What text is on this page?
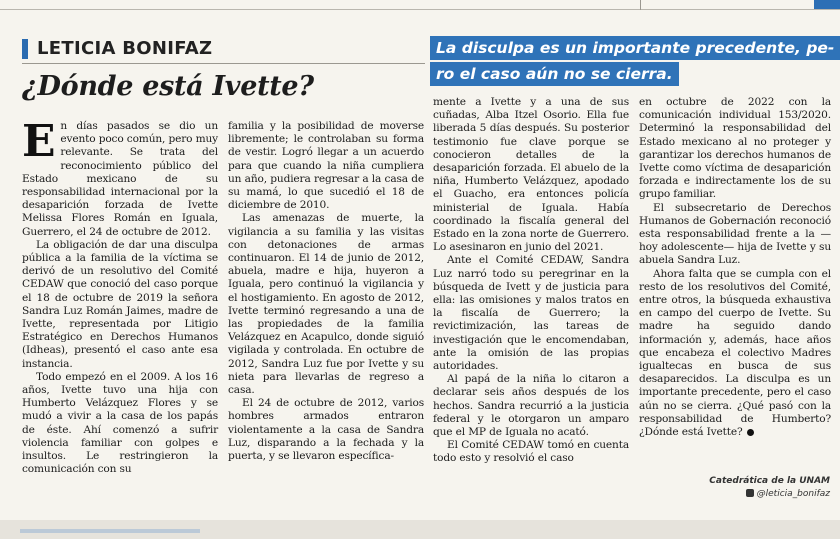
LETICIA BONIFAZ
¿Dónde está Ivette?
La disculpa es un importante precedente, pe-
ro el caso aún no se cierra.

En días pasados se dio un evento poco común, pero muy relevante. Se trata del reconocimiento público del Estado mexicano de su responsabilidad internacional por la desaparición forzada de Ivette Melissa Flores Román en Iguala, Guerrero, el 24 de octubre de 2012.

La obligación de dar una disculpa pública a la familia de la víctima se derivó de un resolutivo del Comité CEDAW que conoció del caso porque el 18 de octubre de 2019 la señora Sandra Luz Román Jaimes, madre de Ivette, representada por Litigio Estratégico en Derechos Humanos (Idheas), presentó el caso ante esa instancia.

Todo empezó en el 2009. A los 16 años, Ivette tuvo una hija con Humberto Velázquez Flores y se mudó a vivir a la casa de los papás de éste. Ahí comenzó a sufrir violencia familiar con golpes e insultos. Le restringieron la comunicación con su

familia y la posibilidad de moverse libremente; le controlaban su forma de vestir. Logró llegar a un acuerdo para que cuando la niña cumpliera un año, pudiera regresar a la casa de su mamá, lo que sucedió el 18 de diciembre de 2010.

Las amenazas de muerte, la vigilancia a su familia y las visitas con detonaciones de armas continuaron. El 14 de junio de 2012, abuela, madre e hija, huyeron a Iguala, pero continuó la vigilancia y el hostigamiento. En agosto de 2012, Ivette terminó regresando a una de las propiedades de la familia Velázquez en Acapulco, donde siguió vigilada y controlada. En octubre de 2012, Sandra Luz fue por Ivette y su nieta para llevarlas de regreso a casa.

El 24 de octubre de 2012, varios hombres armados entraron violentamente a la casa de Sandra Luz, disparando a la fechada y la puerta, y se llevaron específica-

mente a Ivette y a una de sus cuñadas, Alba Itzel Osorio. Ella fue liberada 5 días después. Su posterior testimonio fue clave porque se conocieron detalles de la desaparición forzada. El abuelo de la niña, Humberto Velázquez, apodado el Guacho, era entonces policía ministerial de Iguala. Había coordinado la fiscalía general del Estado en la zona norte de Guerrero. Lo asesinaron en junio del 2021.

Ante el Comité CEDAW, Sandra Luz narró todo su peregrinar en la búsqueda de Ivett y de justicia para ella: las omisiones y malos tratos en la fiscalía de Guerrero; la revictimización, las tareas de investigación que le encomendaban, ante la omisión de las propias autoridades.

Al papá de la niña lo citaron a declarar seis años después de los hechos. Sandra recurrió a la justicia federal y le otorgaron un amparo que el MP de Iguala no acató.

El Comité CEDAW tomó en cuenta todo esto y resolvió el caso

en octubre de 2022 con la comunicación individual 153/2020. Determinó la responsabilidad del Estado mexicano al no proteger y garantizar los derechos humanos de Ivette como víctima de desaparición forzada e indirectamente los de su grupo familiar.

El subsecretario de Derechos Humanos de Gobernación reconoció esta responsabilidad frente a la —hoy adolescente— hija de Ivette y su abuela Sandra Luz.

Ahora falta que se cumpla con el resto de los resolutivos del Comité, entre otros, la búsqueda exhaustiva en campo del cuerpo de Ivette. Su madre ha seguido dando información y, además, hace años que encabeza el colectivo Madres igualtecas en busca de sus desaparecidos. La disculpa es un importante precedente, pero el caso aún no se cierra. ¿Qué pasó con la responsabilidad de Humberto? ¿Dónde está Ivette?

Catedrática de la UNAM
@leticia_bonifaz
